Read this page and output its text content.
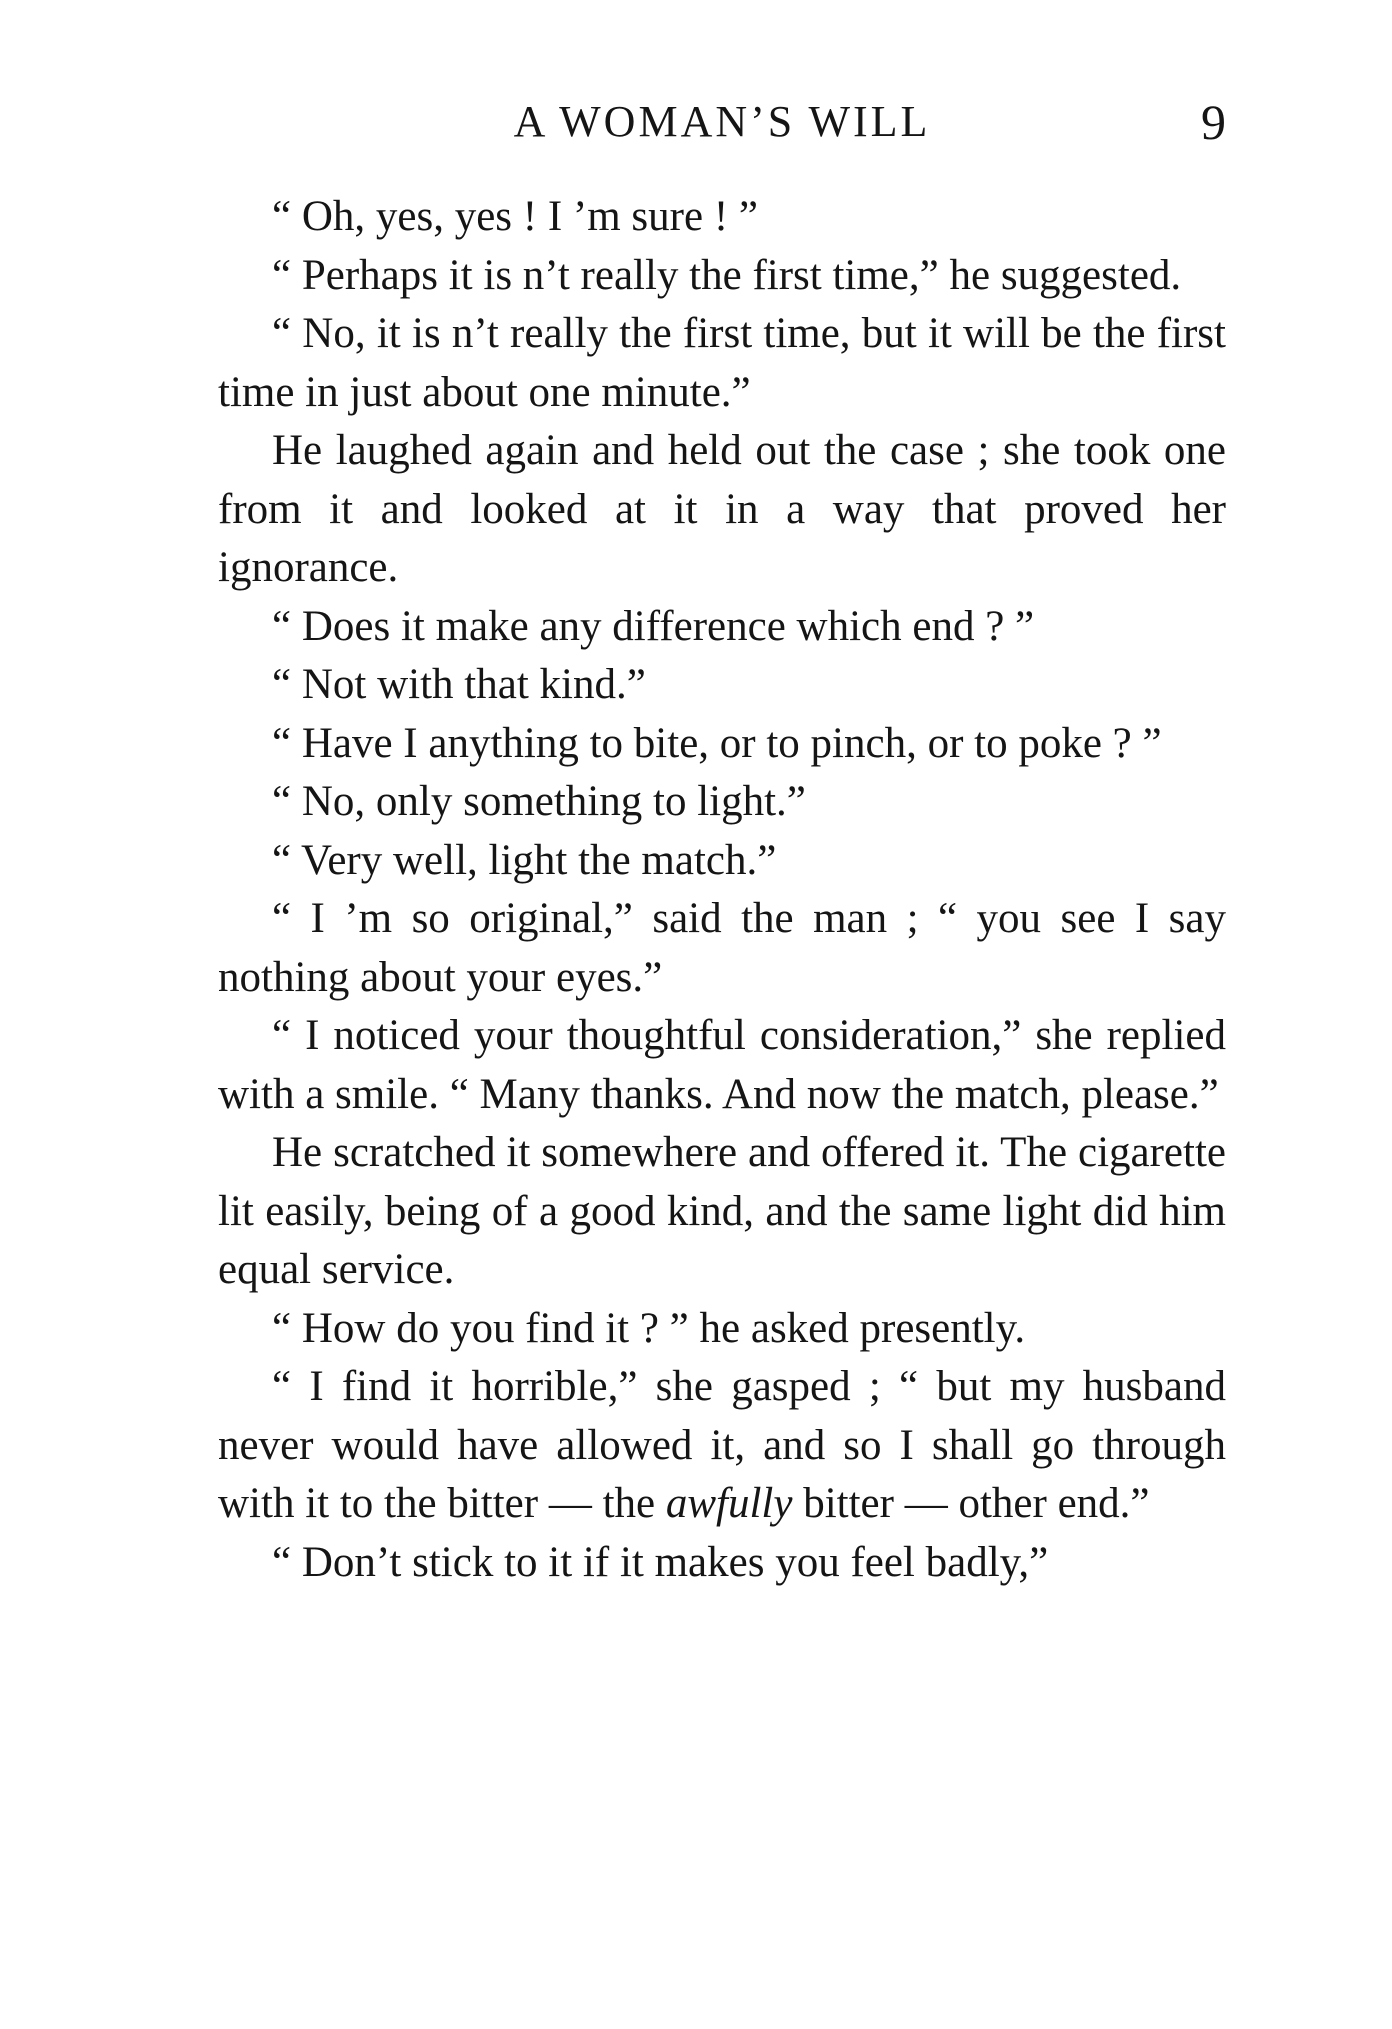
A WOMAN’S WILL	9

“ Oh, yes, yes ! I ’m sure ! ”

“ Perhaps it is n’t really the first time,” he suggested.

“ No, it is n’t really the first time, but it will be the first time in just about one minute.”

He laughed again and held out the case ; she took one from it and looked at it in a way that proved her ignorance.

“ Does it make any difference which end ? ”

“ Not with that kind.”

“ Have I anything to bite, or to pinch, or to poke ? ”

“ No, only something to light.”

“ Very well, light the match.”

“ I ’m so original,” said the man ; “ you see I say nothing about your eyes.”

“ I noticed your thoughtful consideration,” she replied with a smile. “ Many thanks. And now the match, please.”

He scratched it somewhere and offered it. The cigarette lit easily, being of a good kind, and the same light did him equal service.

“ How do you find it ? ” he asked presently.

“ I find it horrible,” she gasped ; “ but my husband never would have allowed it, and so I shall go through with it to the bitter — the awfully bitter — other end.”

“ Don’t stick to it if it makes you feel badly,”
